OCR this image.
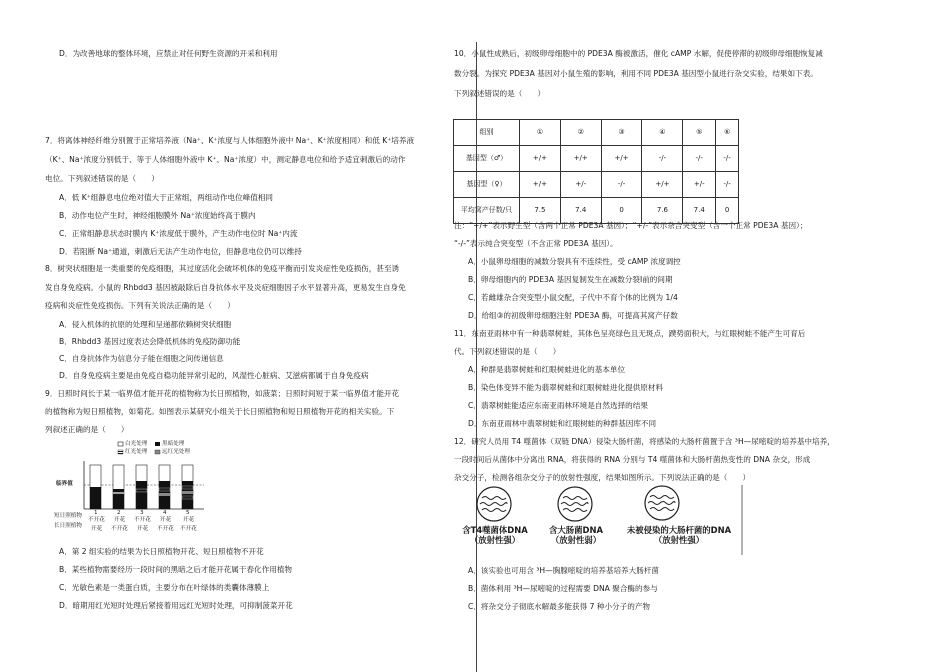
D．为改善地球的整体环境，应禁止对任何野生资源的开采和利用
7．将离体神经纤维分别置于正常培养液（Na⁺、K⁺浓度与人体细胞外液中 Na⁺、K⁺浓度相同）和低 K⁺培养液
（K⁺、Na⁺浓度分别低于、等于人体细胞外液中 K⁺、Na⁺浓度）中，测定静息电位和给予适宜刺激后的动作
电位。下列叙述错误的是（　　）
A．低 K⁺组静息电位绝对值大于正常组，两组动作电位峰值相同
B．动作电位产生时，神经细胞膜外 Na⁺浓度始终高于膜内
C．正常组静息状态时膜内 K⁺浓度低于膜外，产生动作电位时 Na⁺内流
D．若阻断 Na⁺通道，刺激后无法产生动作电位，但静息电位仍可以维持
8．树突状细胞是一类重要的免疫细胞，其过度活化会破坏机体的免疫平衡而引发炎症性免疫损伤，甚至诱
发自身免疫病。小鼠的 Rhbdd3 基因被敲除后自身抗体水平及炎症细胞因子水平显著升高，更易发生自身免
疫病和炎症性免疫损伤。下列有关说法正确的是（　　）
A．侵入机体的抗原的处理和呈递都依赖树突状细胞
B．Rhbdd3 基因过度表达会降低机体的免疫防御功能
C．自身抗体作为信息分子能在细胞之间传递信息
D．自身免疫病主要是由免疫自稳功能异常引起的，风湿性心脏病、艾滋病都属于自身免疫病
9．日照时间长于某一临界值才能开花的植物称为长日照植物，如菠菜；日照时间短于某一临界值才能开花
的植物称为短日照植物，如菊花。如图表示某研究小组关于长日照植物和短日照植物开花的相关实验。下
列叙述正确的是（　　）
A．第 2 组实验的结果为长日照植物开花、短日照植物不开花
B．某些植物需要经历一段时间的黑暗之后才能开花属于春化作用植物
C．光敏色素是一类蛋白质，主要分布在叶绿体的类囊体薄膜上
D．暗期用红光短时处理后紧接着用远红光短时处理，可抑制菠菜开花
白光处理	黑暗处理
红光处理	远红光处理
临界值
短日照植物
长日照植物
1	2	3	4	5
不开花 开花 不开花 开花 开花
开花 不开花 开花 不开花 不开花
10．小鼠性成熟后，初级卵母细胞中的 PDE3A 酶被激活，催化 cAMP 水解，促使停滞的初级卵母细胞恢复减
数分裂。为探究 PDE3A 基因对小鼠生殖的影响，利用不同 PDE3A 基因型小鼠进行杂交实验，结果如下表。
下列叙述错误的是（　　）
注：“+/+”表示野生型（含两个正常 PDE3A 基因）；“+/-”表示杂合突变型（含一个正常 PDE3A 基因）；
“-/-”表示纯合突变型（不含正常 PDE3A 基因）。
A．小鼠卵母细胞的减数分裂具有不连续性，受 cAMP 浓度调控
B．卵母细胞内的 PDE3A 基因复制发生在减数分裂Ⅰ前的间期
C．若雌雄杂合突变型小鼠交配，子代中不育个体的比例为 1/4
D．给组③的初级卵母细胞注射 PDE3A 酶，可提高其窝产仔数
11．东南亚雨林中有一种翡翠树蛙，其体色呈亮绿色且无斑点，蹼势面积大，与红眼树蛙不能产生可育后
代。下列叙述错误的是（　　）
A．种群是翡翠树蛙和红眼树蛙进化的基本单位
B．染色体变异不能为翡翠树蛙和红眼树蛙进化提供原材料
C．翡翠树蛙能适应东南亚雨林环境是自然选择的结果
D．东南亚雨林中翡翠树蛙和红眼树蛙的种群基因库不同
12．研究人员用 T4 噬菌体（双链 DNA）侵染大肠杆菌，将感染的大肠杆菌置于含 ³H—尿嘧啶的培养基中培养，
一段时间后从菌体中分离出 RNA，将获得的 RNA 分别与 T4 噬菌体和大肠杆菌热变性的 DNA 杂交，形成
杂交分子，检测各组杂交分子的放射性强度，结果如图所示。下列说法正确的是（　　）
A．该实验也可用含 ³H—胸腺嘧啶的培养基培养大肠杆菌
B．菌体利用 ³H—尿嘧啶的过程需要 DNA 聚合酶的参与
C．将杂交分子彻底水解最多能获得 7 种小分子的产物
组别	①	②	③	④	⑤	⑥
基因型（♂）	+/+	+/+	+/+	-/-	-/-	-/-
基因型（♀）	+/+	+/-	-/-	+/+	+/-	-/-
平均窝产仔数/只	7.5	7.4	0	7.6	7.4	0
含T4噬菌体DNA
（放射性强）
含大肠菌DNA
（放射性弱）
未被侵染的大肠杆菌的DNA
（放射性强）
